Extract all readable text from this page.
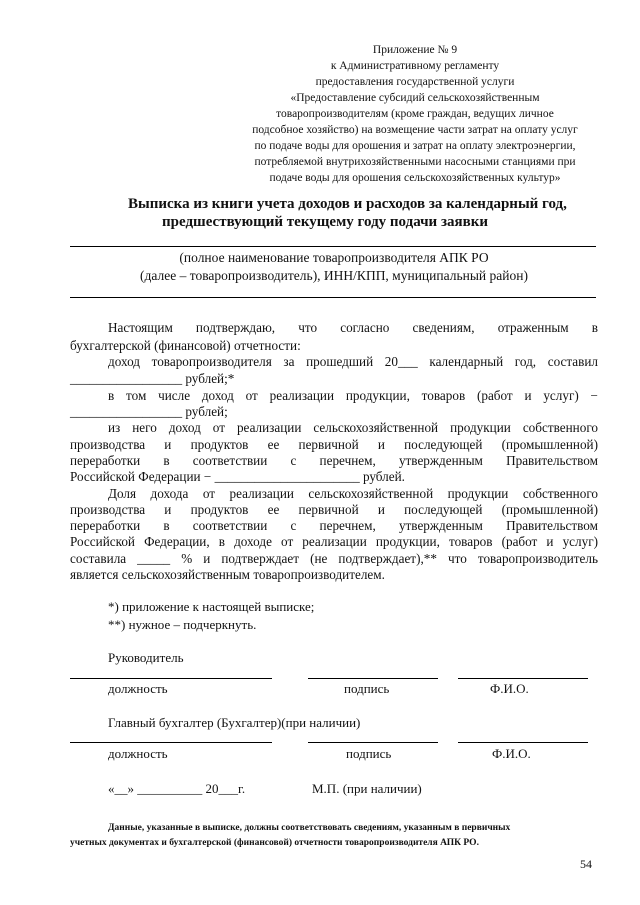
Приложение № 9
к Административному регламенту
предоставления государственной услуги
«Предоставление субсидий сельскохозяйственным
товаропроизводителям (кроме граждан, ведущих личное
подсобное хозяйство) на возмещение части затрат на оплату услуг
по подаче воды для орошения и затрат на оплату электроэнергии,
потребляемой внутрихозяйственными насосными станциями при
подаче воды для орошения сельскохозяйственных культур»
Выписка из книги учета доходов и расходов за календарный год,
предшествующий текущему году подачи заявки
(полное наименование товаропроизводителя АПК РО
(далее – товаропроизводитель), ИНН/КПП, муниципальный район)
Настоящим подтверждаю, что согласно сведениям, отраженным в
бухгалтерской (финансовой) отчетности:
доход товаропроизводителя за прошедший 20___ календарный год, составил
_________________ рублей;*
в том числе доход от реализации продукции, товаров (работ и услуг) −
_________________ рублей;
из него доход от реализации сельскохозяйственной продукции собственного
производства и продуктов ее первичной и последующей (промышленной)
переработки в соответствии с перечнем, утвержденным Правительством
Российской Федерации − ______________________ рублей.
Доля дохода от реализации сельскохозяйственной продукции собственного
производства и продуктов ее первичной и последующей (промышленной)
переработки в соответствии с перечнем, утвержденным Правительством
Российской Федерации, в доходе от реализации продукции, товаров (работ и услуг)
составила _____ % и подтверждает (не подтверждает),** что товаропроизводитель
является сельскохозяйственным товаропроизводителем.
*) приложение к настоящей выписке;
**) нужное – подчеркнуть.
Руководитель
должность	подпись	Ф.И.О.
Главный бухгалтер (Бухгалтер)(при наличии)
должность	подпись	Ф.И.О.
«__» __________ 20___г.	М.П. (при наличии)
Данные, указанные в выписке, должны соответствовать сведениям, указанным в первичных
учетных документах и бухгалтерской (финансовой) отчетности товаропроизводителя АПК РО.
54
